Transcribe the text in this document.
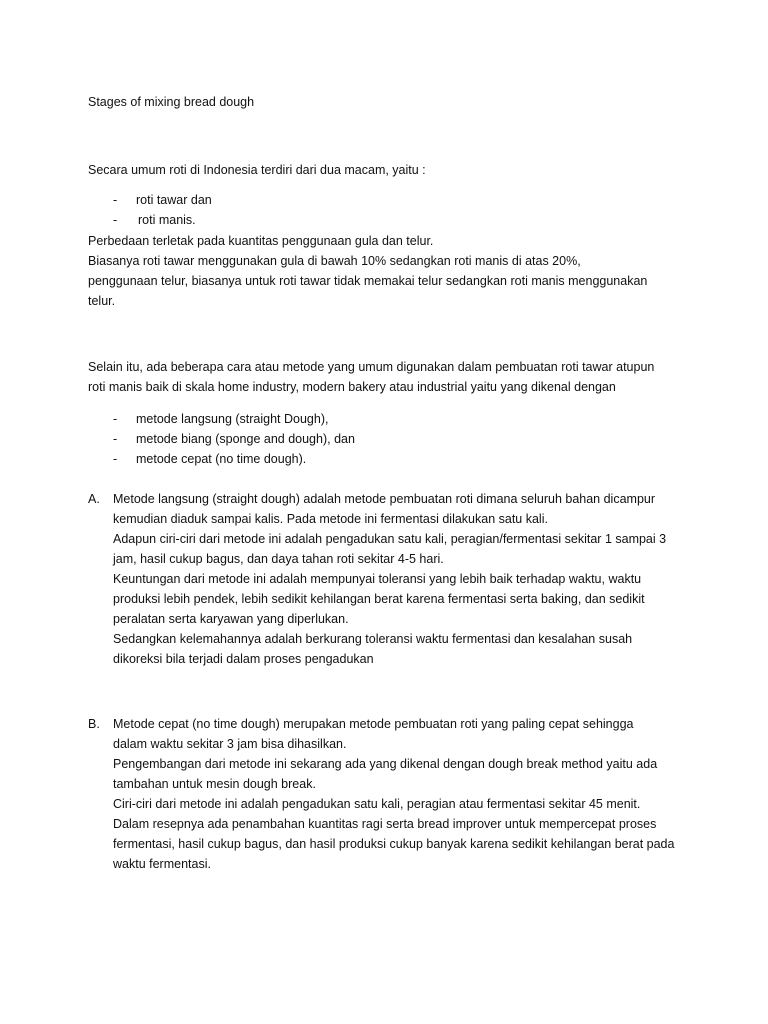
Stages of mixing bread dough
Secara umum roti di Indonesia terdiri dari dua macam, yaitu :
- roti tawar dan
- roti manis.
Perbedaan terletak pada kuantitas penggunaan gula dan telur.
Biasanya roti tawar menggunakan gula di bawah 10% sedangkan roti manis di atas 20%,
penggunaan telur, biasanya untuk roti tawar tidak memakai telur sedangkan roti manis menggunakan
telur.
Selain itu, ada beberapa cara atau metode yang umum digunakan dalam pembuatan roti tawar atupun
roti manis baik di skala home industry, modern bakery atau industrial yaitu yang dikenal dengan
- metode langsung (straight Dough),
- metode biang (sponge and dough), dan
- metode cepat (no time dough).
A. Metode langsung (straight dough) adalah metode pembuatan roti dimana seluruh bahan dicampur
kemudian diaduk sampai kalis. Pada metode ini fermentasi dilakukan satu kali.
Adapun ciri-ciri dari metode ini adalah pengadukan satu kali, peragian/fermentasi sekitar 1 sampai 3
jam, hasil cukup bagus, dan daya tahan roti sekitar 4-5 hari.
Keuntungan dari metode ini adalah mempunyai toleransi yang lebih baik terhadap waktu, waktu
produksi lebih pendek, lebih sedikit kehilangan berat karena fermentasi serta baking, dan sedikit
peralatan serta karyawan yang diperlukan.
Sedangkan kelemahannya adalah berkurang toleransi waktu fermentasi dan kesalahan susah
dikoreksi bila terjadi dalam proses pengadukan
B. Metode cepat (no time dough) merupakan metode pembuatan roti yang paling cepat sehingga
dalam waktu sekitar 3 jam bisa dihasilkan.
Pengembangan dari metode ini sekarang ada yang dikenal dengan dough break method yaitu ada
tambahan untuk mesin dough break.
Ciri-ciri dari metode ini adalah pengadukan satu kali, peragian atau fermentasi sekitar 45 menit.
Dalam resepnya ada penambahan kuantitas ragi serta bread improver untuk mempercepat proses
fermentasi, hasil cukup bagus, dan hasil produksi cukup banyak karena sedikit kehilangan berat pada
waktu fermentasi.
